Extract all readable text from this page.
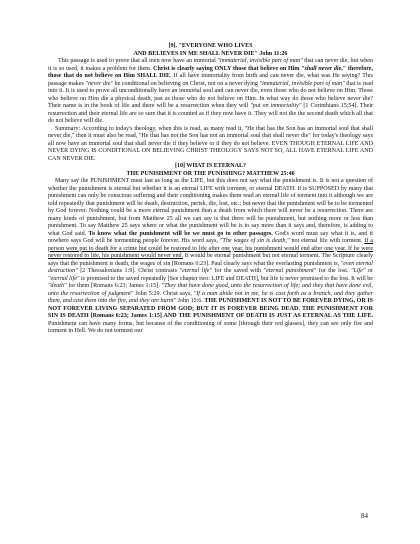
[9]. "EVERYONE WHO LIVES
AND BELIEVES IN ME SHALL NEVER DIE" John 11:26

This passage is used to prove that all men now have an immortal "immaterial, invisible part of man" that can never die, but when it is so used, it makes a problem for them. Christ is clearly saying ONLY those that believe on Him "shall never die," therefore, those that do not believe on Him SHALL DIE. If all have immortality from birth and can never die, what was He saying? This passage makes "never die" be conditional on believing on Christ, not on a never dying "immaterial, invisible part of man" that is read into it. It is used to prove all unconditionally have an immortal soul and can never die, even those who do not believe on Him. Those who believe on Him die a physical death, just as those who do not believe on Him. In what way do those who believe never die? Their name is in the book of life and there will be a resurrection when they will "put on immortality" [1 Corinthians 15:54]. Their resurrection and their eternal life are so sure that it is counted as if they now have it. They will not die the second death which all that do not believe will die.

Summary: According to today's theology, when this is read, as many read it, "He that has the Son has an immortal soul that shall never die," then it must also be read, "He that has not the Son has not an immortal soul that shall never die" for today's theology says all now have an immortal soul that shall never die if they believe or if they do not believe. EVEN THOUGH ETERNAL LIFE AND NEVER DYING IS CONDITIONAL ON BELIEVING CHRIST THEOLOGY SAYS NOT SO, ALL HAVE ETERNAL LIFE AND CAN NEVER DIE.

[10] WHAT IS ETERNAL?
THE PUNISHMENT OR THE PUNISHING? MATTHEW 25:46

Many say the PUNISHMENT must last as long as the LIFE, but this does not say what the punishment is. It is not a question of whether the punishment is eternal but whether it is an eternal LIFE with torment, or eternal DEATH. It is SUPPOSED by many that punishment can only be conscious suffering and their conditioning makes them read an eternal life of torment into it although we are told repeatedly that punishment will be death, destruction, perish, die, lost, etc.; but never that the punishment will be to be tormented by God forever. Nothing could be a more eternal punishment than a death from which there will never be a resurrection. There are many kinds of punishment, but from Matthew 25 all we can say is that there will be punishment, but nothing more or less than punishment. To say Matthew 25 says where or what the punishment will be is to say more than it says and, therefore, is adding to what God said. To know what the punishment will be we must go to other passages. God's word must say what it is, and it nowhere says God will be tormenting people forever. His word says, "The wages of sin is death," not eternal life with torment. If a person were put to death for a crime but could be restored to life after one year, his punishment would end after one year. If he were never restored to life, his punishment would never end. It would be eternal punishment but not eternal torment. The Scripture clearly says that the punishment is death, the wages of sin [Romans 6:23]. Paul clearly says what the everlasting punishment is, "even eternal destruction" [2 Thessalonians 1:9]. Christ contrasts "eternal life" for the saved with "eternal punishment" for the lost. "Life" or "eternal life" is promised to the saved repeatedly [See chapter two: LIFE and DEATH], but life is never promised to the lost. It will be "death" for them [Romans 6:23; James 1:15]. "They that have done good, unto the resurrection of life; and they that have done evil, unto the resurrection of judgment" John 5:29. Christ says, "If a man abide not in me, he is cast forth as a branch, and they gather them, and cast them into the fire, and they are burnt" John 15:6. THE PUNISHMENT IS NOT TO BE FOREVER DYING, OR IS NOT FOREVER LIVING SEPARATED FROM GOD; BUT IT IS FOREVER BEING DEAD. THE PUNISHMENT FOR SIN IS DEATH [Romans 6:23; James 1:15] AND THE PUNISHMENT OF DEATH IS JUST AS ETERNAL AS THE LIFE. Punishment can have many forms, but because of the conditioning of some [through their red glasses], they can see only fire and torment in Hell. We do not torment our

84
